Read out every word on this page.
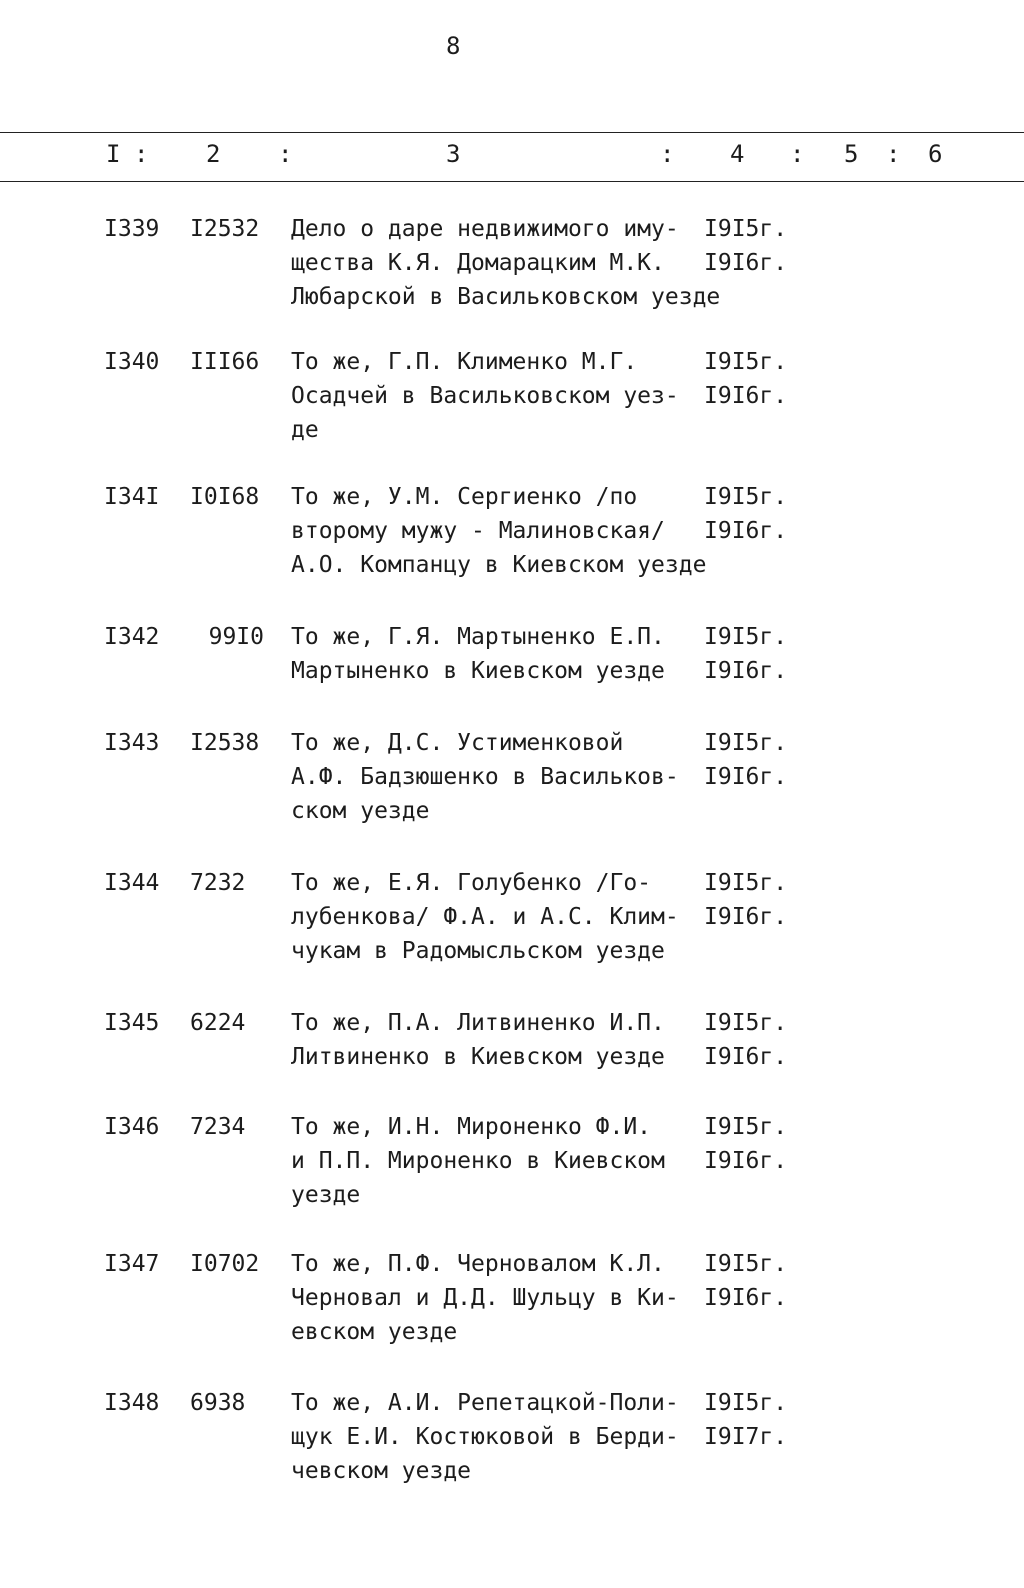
8
I : 2 :	3	: 4 : 5 : 6
I339	I2532	Дело о даре недвижимого иму-
щества К.Я. Домарацким М.К.
Любарской в Васильковском уезде
I9I5г.
I9I6г.
I340	III66	То же, Г.П. Клименко М.Г.
Осадчей в Васильковском уез-
де
I9I5г.
I9I6г.
I34I	I0I68	То же, У.М. Сергиенко /по
второму мужу - Малиновская/
А.О. Компанцу в Киевском уезде
I9I5г.
I9I6г.
I342	99I0 То же, Г.Я. Мартыненко Е.П.
Мартыненко в Киевском уезде
I9I5г.
I9I6г.
I343	I2538	То же, Д.С. Устименковой
А.Ф. Бадзюшенко в Васильков-
ском уезде
I9I5г.
I9I6г.
I344	7232	То же, Е.Я. Голубенко /Го-
лубенкова/ Ф.А. и А.С. Клим-
чукам в Радомысльском уезде
I9I5г.
I9I6г.
I345	6224	То же, П.А. Литвиненко И.П.
Литвиненко в Киевском уезде
I9I5г.
I9I6г.
I346	7234	То же, И.Н. Мироненко Ф.И.
и П.П. Мироненко в Киевском
уезде
I9I5г.
I9I6г.
I347	I0702	То же, П.Ф. Черновалом К.Л.
Черновал и Д.Д. Шульцу в Ки-
евском уезде
I9I5г.
I9I6г.
I348	6938	То же, А.И. Репетацкой-Поли-
щук Е.И. Костюковой в Берди-
чевском уезде
I9I5г.
I9I7г.
